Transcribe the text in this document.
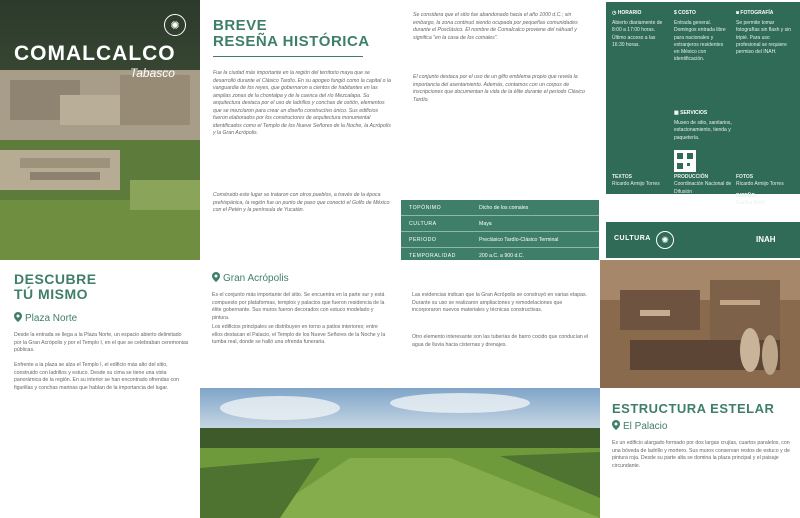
✺
COMALCALCO
Tabasco
BREVE
RESEÑA HISTÓRICA
Fue la ciudad más importante en la región del territorio maya que se desarrolló durante el Clásico Tardío. En su apogeo fungió como la capital o la vanguardia de los reyes, que gobernaron a cientos de habitantes en las amplias zonas de la chontalpa y de la cuenca del río Mezcalapa. Su arquitectura destaca por el uso de ladrillos y conchas de ostión, elementos que se mezclaron para crear un diseño constructivo único. Sus edificios fueron elaborados por los constructores de arquitectura monumental identificados como el Templo de los Nueve Señores de la Noche, la Acrópolis y la Gran Acrópolis.
Construido este lugar se trataron con otros pueblos, a través de la época prehispánica, la región fue un punto de paso que conectó el Golfo de México con el Petén y la península de Yucatán.
Se considera que el sitio fue abandonado hacia el año 1000 d.C.; sin embargo, la zona continuó siendo ocupada por pequeñas comunidades durante el Posclásico. El nombre de Comalcalco proviene del náhuatl y significa "en la casa de los comales".
El conjunto destaca por el uso de un glifo emblema propio que revela la importancia del asentamiento. Además, contamos con un corpus de inscripciones que documentan la vida de la élite durante el periodo Clásico Tardío.
TOPÓNIMO	Dicho de los comales
CULTURA	Maya
PERIODO	Preclásico Tardío-Clásico Terminal
TEMPORALIDAD	200 a.C. a 900 d.C.
◷ HORARIO
Abierto diariamente de 8:00 a 17:00 horas. Último acceso a las 16:30 horas.
$ COSTO
Entrada general. Domingos entrada libre para nacionales y extranjeros residentes en México con identificación.
◙ FOTOGRAFÍA
Se permite tomar fotografías sin flash y sin tripié. Para uso profesional se requiere permiso del INAH.
▦ SERVICIOS
Museo de sitio, sanitarios, estacionamiento, tienda y paquetería.
TEXTOS
Ricardo Armijo Torres
PRODUCCIÓN
Coordinación Nacional de Difusión
FOTOS
Ricardo Armijo Torres
DISEÑO
Gráfica INAH
CULTURA	✺	INAH
DESCUBRE
TÚ MISMO
Plaza Norte
Desde la entrada se llega a la Plaza Norte, un espacio abierto delimitado por la Gran Acrópolis y por el Templo I, en el que se celebraban ceremonias públicas.
Enfrente a la plaza se alza el Templo I, el edificio más alto del sitio, construido con ladrillos y estuco. Desde su cima se tiene una vista panorámica de la región. En su interior se han encontrado ofrendas con figurillas y conchas marinas que hablan de la importancia del lugar.
Gran Acrópolis
Es el conjunto más importante del sitio. Se encuentra en la parte sur y está compuesto por plataformas, templos y palacios que fueron residencia de la élite gobernante. Sus muros fueron decorados con estuco modelado y pintura.
Los edificios principales se distribuyen en torno a patios interiores; entre ellos destacan el Palacio, el Templo de los Nueve Señores de la Noche y la tumba real, donde se halló una ofrenda funeraria.
Las evidencias indican que la Gran Acrópolis se construyó en varias etapas. Durante su uso se realizaron ampliaciones y remodelaciones que incorporaron nuevos materiales y técnicas constructivas.
Otro elemento interesante son las tuberías de barro cocido que conducían el agua de lluvia hacia cisternas y drenajes.
ESTRUCTURA ESTELAR
El Palacio
Es un edificio alargado formado por dos largas crujías, cuartos paralelos, con una bóveda de ladrillo y mortero. Sus muros conservan restos de estuco y de pintura roja. Desde su parte alta se domina la plaza principal y el paisaje circundante.
